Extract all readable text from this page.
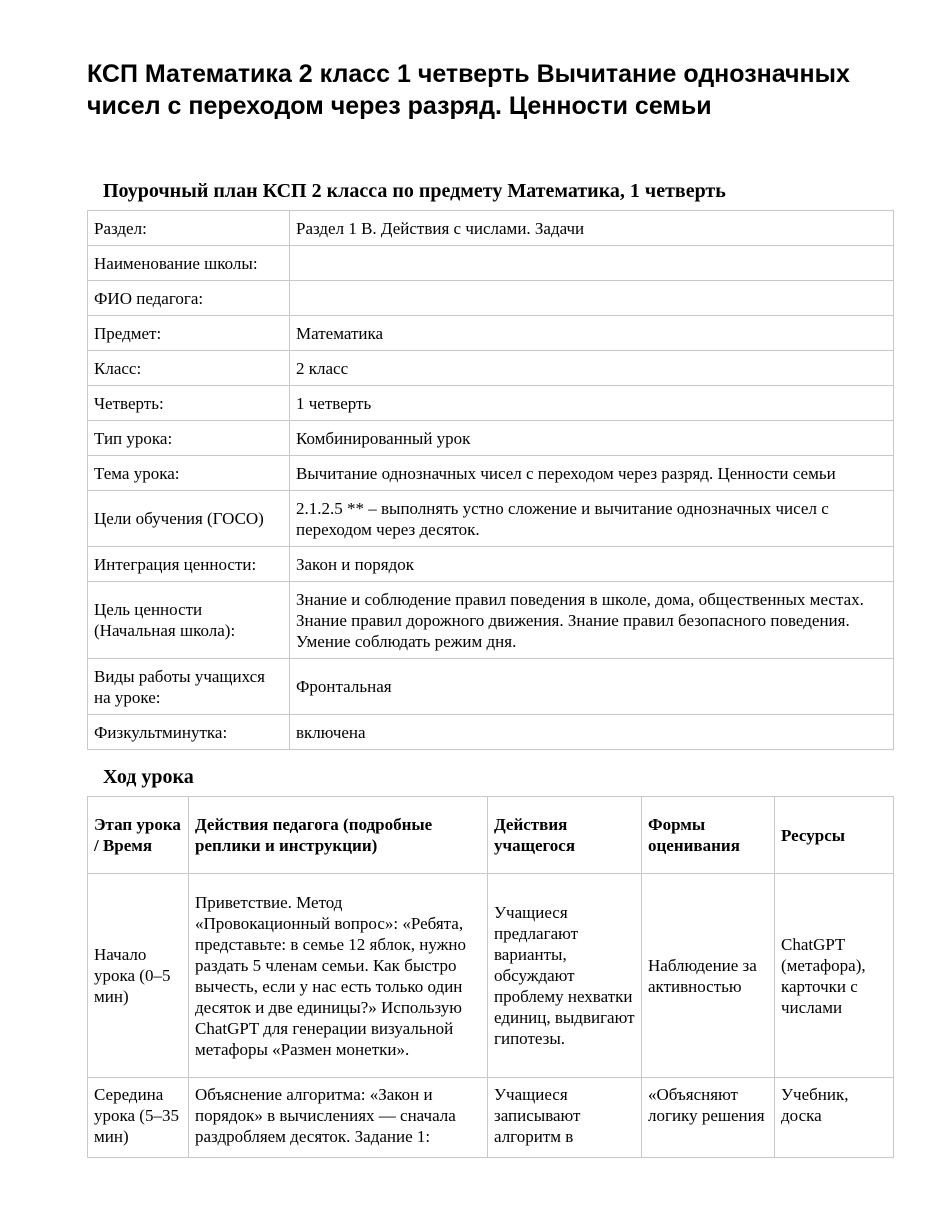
КСП Математика 2 класс 1 четверть Вычитание однозначных чисел с переходом через разряд. Ценности семьи

Поурочный план КСП 2 класса по предмету Математика, 1 четверть

Раздел:	Раздел 1 В. Действия с числами. Задачи
Наименование школы:	
ФИО педагога:	
Предмет:	Математика
Класс:	2 класс
Четверть:	1 четверть
Тип урока:	Комбинированный урок
Тема урока:	Вычитание однозначных чисел с переходом через разряд. Ценности семьи
Цели обучения (ГОСО)	2.1.2.5 ** – выполнять устно сложение и вычитание однозначных чисел с переходом через десяток.
Интеграция ценности:	Закон и порядок
Цель ценности (Начальная школа):	Знание и соблюдение правил поведения в школе, дома, общественных местах. Знание правил дорожного движения. Знание правил безопасного поведения. Умение соблюдать режим дня.
Виды работы учащихся на уроке:	Фронтальная
Физкультминутка:	включена

Ход урока

Этап урока / Время	Действия педагога (подробные реплики и инструкции)	Действия учащегося	Формы оценивания	Ресурсы
Начало урока (0–5 мин)	Приветствие. Метод «Провокационный вопрос»: «Ребята, представьте: в семье 12 яблок, нужно раздать 5 членам семьи. Как быстро вычесть, если у нас есть только один десяток и две единицы?» Использую ChatGPT для генерации визуальной метафоры «Размен монетки».	Учащиеся предлагают варианты, обсуждают проблему нехватки единиц, выдвигают гипотезы.	Наблюдение за активностью	ChatGPT (метафора), карточки с числами
Середина урока (5–35 мин)	Объяснение алгоритма: «Закон и порядок» в вычислениях — сначала раздробляем десяток. Задание 1:	Учащиеся записывают алгоритм в	«Объясняют логику решения	Учебник, доска
